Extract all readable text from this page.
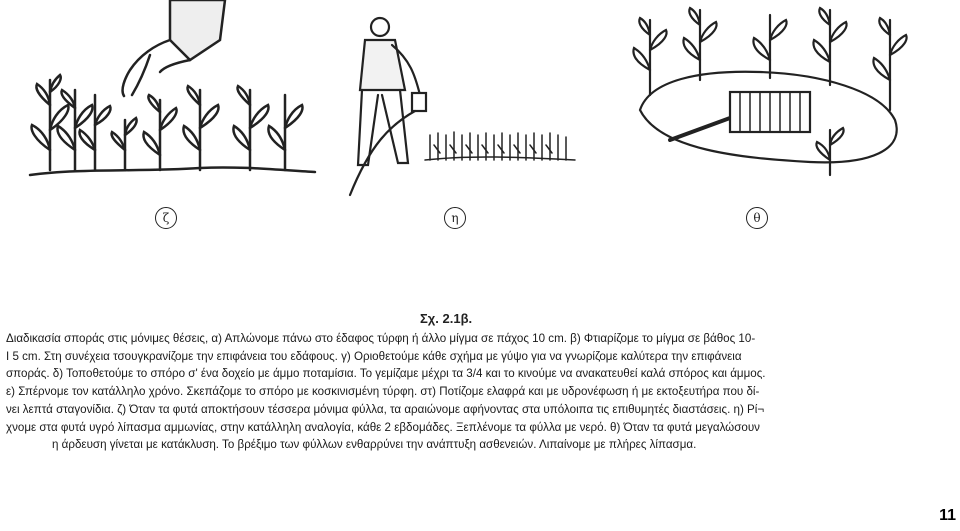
ζ	η	θ
Σχ. 2.1β.
Διαδικασία σποράς στις μόνιμες θέσεις, α) Απλώνομε πάνω στο έδαφος τύρφη ή άλλο μίγμα σε πάχος 10 cm. β) Φτιαρίζομε το μίγμα σε βάθος 10-
Ι 5 cm. Στη συνέχεια τσουγκρανίζομε την επιφάνεια του εδάφους. γ) Οριοθετούμε κάθε σχήμα με γύψο για να γνωρίζομε καλύτερα την επιφάνεια
σποράς. δ) Τοποθετούμε το σπόρο σ' ένα δοχείο με άμμο ποταμίσια. Το γεμίζαμε μέχρι τα 3/4 και το κινούμε να ανακατευθεί καλά σπόρος και άμμος.
ε) Σπέρνομε τον κατάλληλο χρόνο. Σκεπάζομε το σπόρο με κοσκινισμένη τύρφη. στ) Ποτίζομε ελαφρά και με υδρονέφωση ή με εκτοξευτήρα που δί-
νει λεπτά σταγονίδια. ζ) Όταν τα φυτά αποκτήσουν τέσσερα μόνιμα φύλλα, τα αραιώνομε αφήνοντας στα υπόλοιπα τις επιθυμητές διαστάσεις. η) Ρί¬
χνομε στα φυτά υγρό λίπασμα αμμωνίας, στην κατάλληλη αναλογία, κάθε 2 εβδομάδες. Ξεπλένομε τα φύλλα με νερό. θ) Όταν τα φυτά μεγαλώσουν
η άρδευση γίνεται με κατάκλυση. Το βρέξιμο των φύλλων ενθαρρύνει την ανάπτυξη ασθενειών. Λιπαίνομε με πλήρες λίπασμα.
11
